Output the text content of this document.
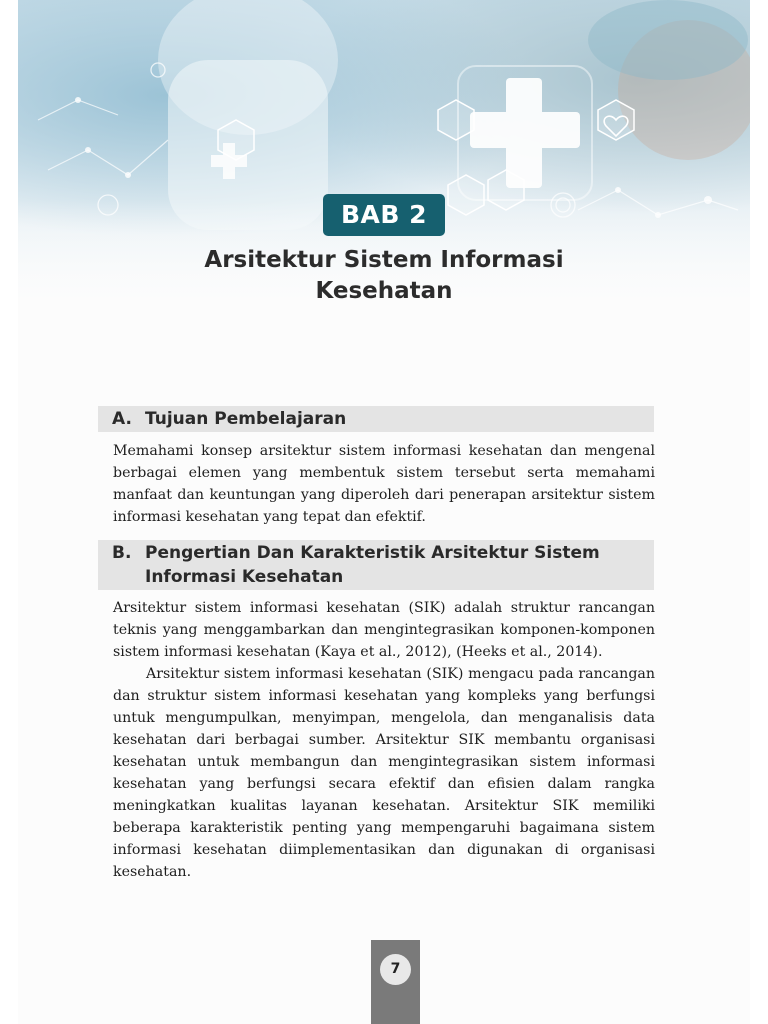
BAB 2
Arsitektur Sistem Informasi
Kesehatan
A. Tujuan Pembelajaran

Memahami konsep arsitektur sistem informasi kesehatan dan mengenal berbagai elemen yang membentuk sistem tersebut serta memahami manfaat dan keuntungan yang diperoleh dari penerapan arsitektur sistem informasi kesehatan yang tepat dan efektif.

B. Pengertian Dan Karakteristik Arsitektur Sistem
Informasi Kesehatan

Arsitektur sistem informasi kesehatan (SIK) adalah struktur rancangan teknis yang menggambarkan dan mengintegrasikan komponen-komponen sistem informasi kesehatan (Kaya et al., 2012), (Heeks et al., 2014).

Arsitektur sistem informasi kesehatan (SIK) mengacu pada rancangan dan struktur sistem informasi kesehatan yang kompleks yang berfungsi untuk mengumpulkan, menyimpan, mengelola, dan menganalisis data kesehatan dari berbagai sumber. Arsitektur SIK membantu organisasi kesehatan untuk membangun dan mengintegrasikan sistem informasi kesehatan yang berfungsi secara efektif dan efisien dalam rangka meningkatkan kualitas layanan kesehatan. Arsitektur SIK memiliki beberapa karakteristik penting yang mempengaruhi bagaimana sistem informasi kesehatan diimplementasikan dan digunakan di organisasi kesehatan.

7
